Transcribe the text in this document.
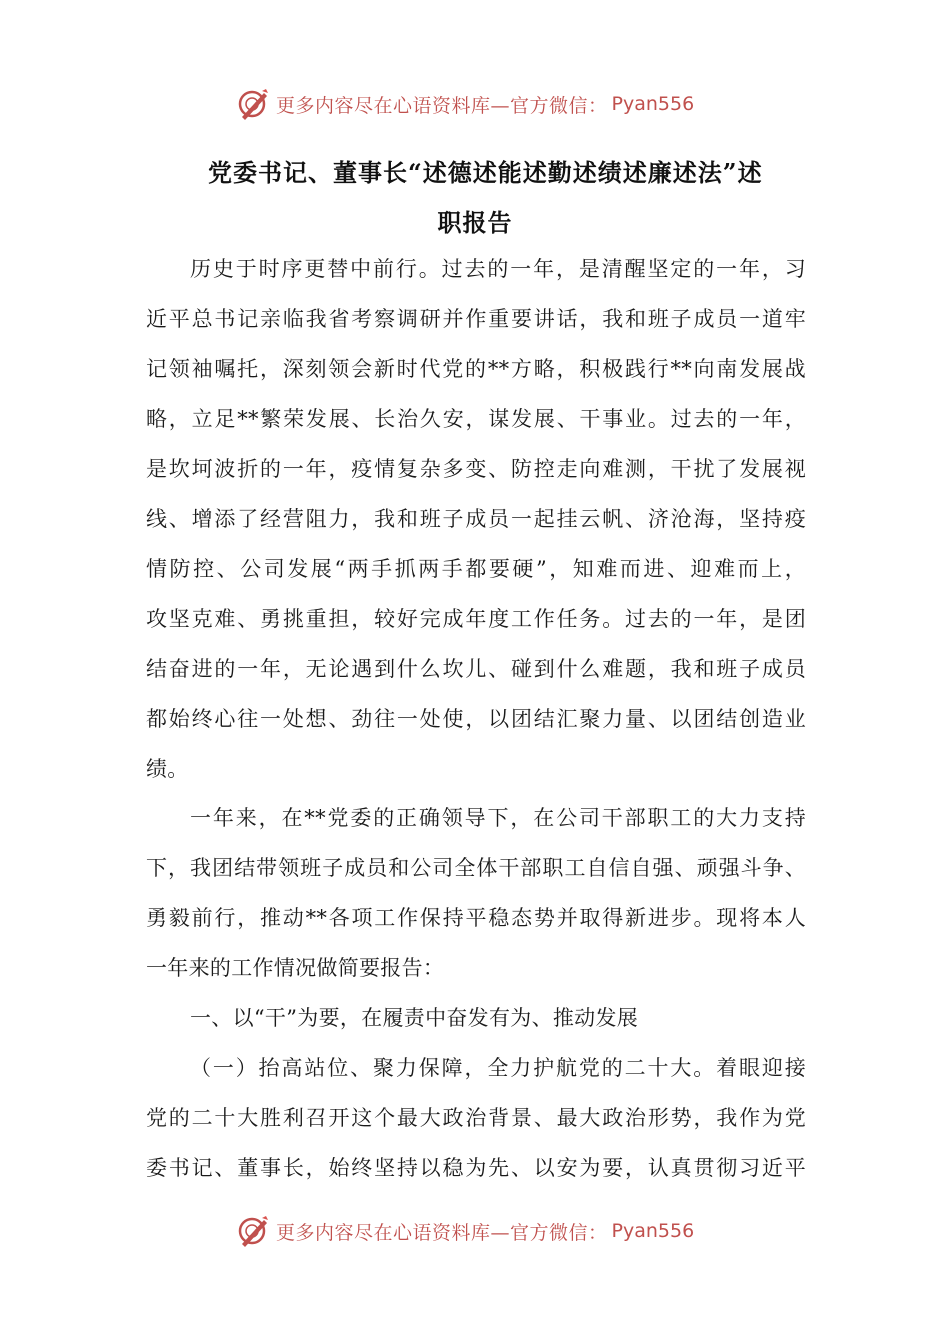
更多内容尽在心语资料库—官方微信： Pyan556
党委书记、董事长“述德述能述勤述绩述廉述法”述
职报告
历史于时序更替中前行。过去的一年，是清醒坚定的一年，习
近平总书记亲临我省考察调研并作重要讲话，我和班子成员一道牢
记领袖嘱托，深刻领会新时代党的**方略，积极践行**向南发展战
略，立足**繁荣发展、长治久安，谋发展、干事业。过去的一年，
是坎坷波折的一年，疫情复杂多变、防控走向难测，干扰了发展视
线、增添了经营阻力，我和班子成员一起挂云帆、济沧海，坚持疫
情防控、公司发展“两手抓两手都要硬”，知难而进、迎难而上，
攻坚克难、勇挑重担，较好完成年度工作任务。过去的一年，是团
结奋进的一年，无论遇到什么坎儿、碰到什么难题，我和班子成员
都始终心往一处想、劲往一处使，以团结汇聚力量、以团结创造业
绩。
一年来，在**党委的正确领导下，在公司干部职工的大力支持
下，我团结带领班子成员和公司全体干部职工自信自强、顽强斗争、
勇毅前行，推动**各项工作保持平稳态势并取得新进步。现将本人
一年来的工作情况做简要报告：
一、以“干”为要，在履责中奋发有为、推动发展
（一）抬高站位、聚力保障，全力护航党的二十大。着眼迎接
党的二十大胜利召开这个最大政治背景、最大政治形势，我作为党
委书记、董事长，始终坚持以稳为先、以安为要，认真贯彻习近平
更多内容尽在心语资料库—官方微信： Pyan556
